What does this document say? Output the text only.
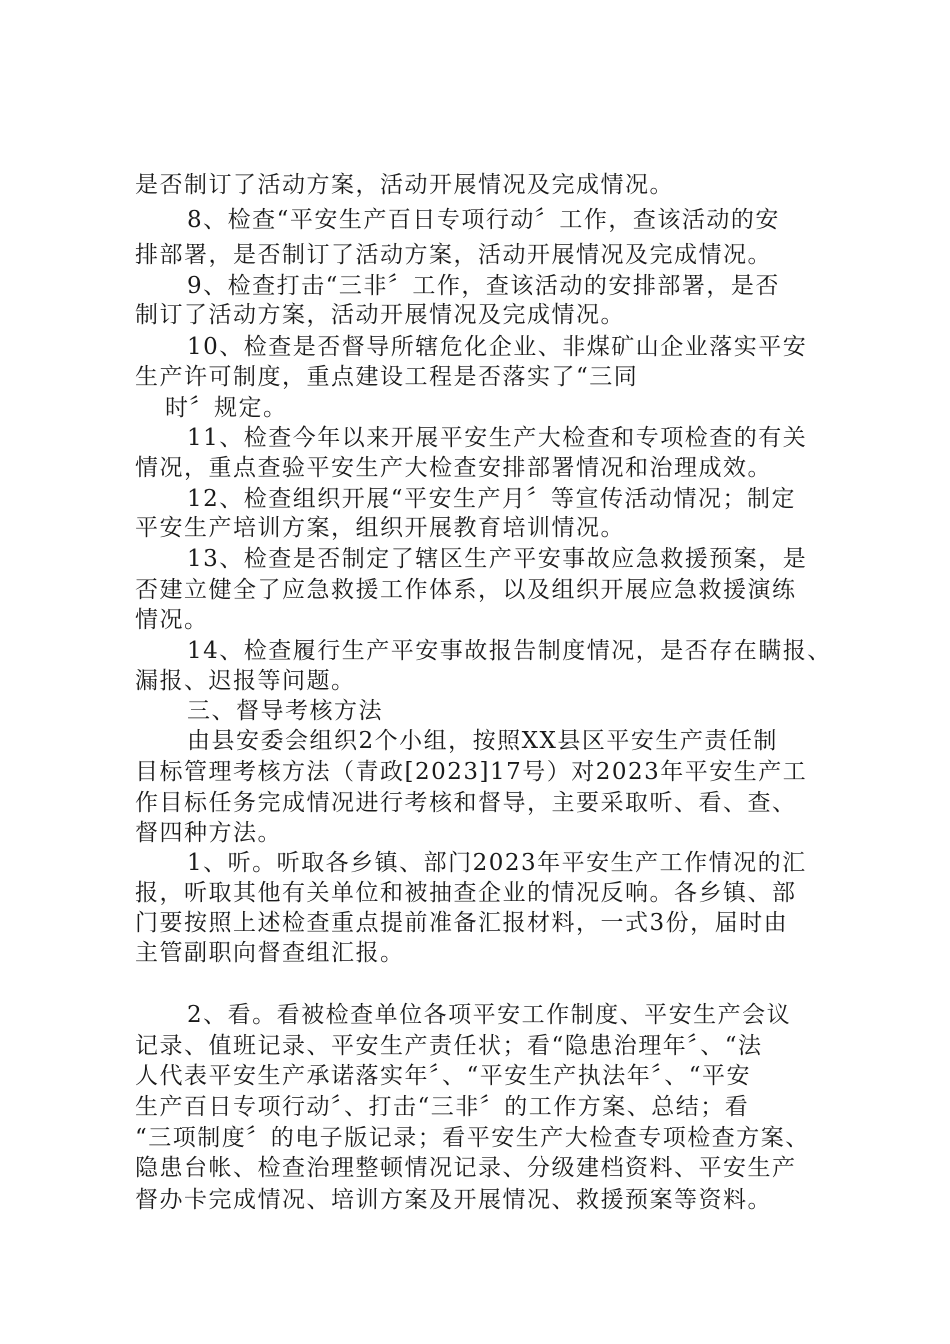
是否制订了活动方案，活动开展情况及完成情况。
8、检查“平安生产百日专项行动〞工作，查该活动的安
排部署，是否制订了活动方案，活动开展情况及完成情况。
9、检查打击“三非〞工作，查该活动的安排部署，是否
制订了活动方案，活动开展情况及完成情况。
10、检查是否督导所辖危化企业、非煤矿山企业落实平安
生产许可制度，重点建设工程是否落实了“三同
时〞规定。
11、检查今年以来开展平安生产大检查和专项检查的有关
情况，重点查验平安生产大检查安排部署情况和治理成效。
12、检查组织开展“平安生产月〞等宣传活动情况；制定
平安生产培训方案，组织开展教育培训情况。
13、检查是否制定了辖区生产平安事故应急救援预案，是
否建立健全了应急救援工作体系，以及组织开展应急救援演练
情况。
14、检查履行生产平安事故报告制度情况，是否存在瞒报、
漏报、迟报等问题。
三、督导考核方法
由县安委会组织2个小组，按照XX县区平安生产责任制
目标管理考核方法（青政[2023]17号）对2023年平安生产工
作目标任务完成情况进行考核和督导，主要采取听、看、查、
督四种方法。
1、听。听取各乡镇、部门2023年平安生产工作情况的汇
报，听取其他有关单位和被抽查企业的情况反响。各乡镇、部
门要按照上述检查重点提前准备汇报材料，一式3份，届时由
主管副职向督查组汇报。
2、看。看被检查单位各项平安工作制度、平安生产会议
记录、值班记录、平安生产责任状；看“隐患治理年〞、“法
人代表平安生产承诺落实年〞、“平安生产执法年〞、“平安
生产百日专项行动〞、打击“三非〞的工作方案、总结；看
“三项制度〞的电子版记录；看平安生产大检查专项检查方案、
隐患台帐、检查治理整顿情况记录、分级建档资料、平安生产
督办卡完成情况、培训方案及开展情况、救援预案等资料。
